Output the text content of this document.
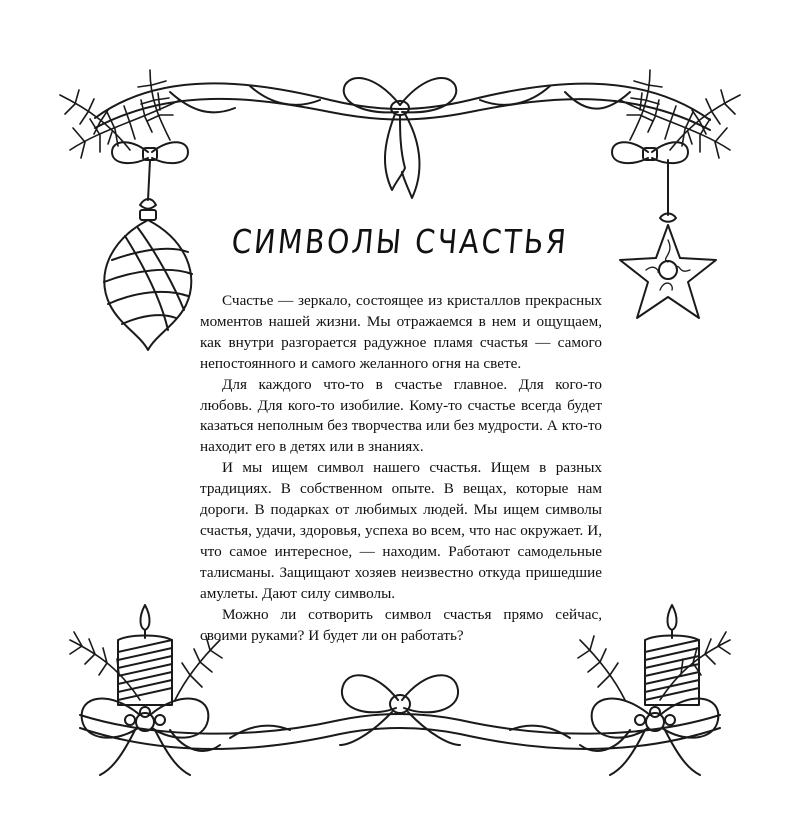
СИМВОЛЫ СЧАСТЬЯ

Счастье — зеркало, состоящее из кристаллов прекрасных моментов нашей жизни. Мы отражаемся в нем и ощущаем, как внутри разгорается радужное пламя счастья — самого непостоянного и самого желанного огня на свете.

Для каждого что-то в счастье главное. Для кого-то любовь. Для кого-то изобилие. Кому-то счастье всегда будет казаться неполным без творчества или без мудрости. А кто-то находит его в детях или в знаниях.

И мы ищем символ нашего счастья. Ищем в разных традициях. В собственном опыте. В вещах, которые нам дороги. В подарках от любимых людей. Мы ищем символы счастья, удачи, здоровья, успеха во всем, что нас окружает. И, что самое интересное, — находим. Работают самодельные талисманы. Защищают хозяев неизвестно откуда пришедшие амулеты. Дают силу символы.

Можно ли сотворить символ счастья прямо сейчас, своими руками? И будет ли он работать?
